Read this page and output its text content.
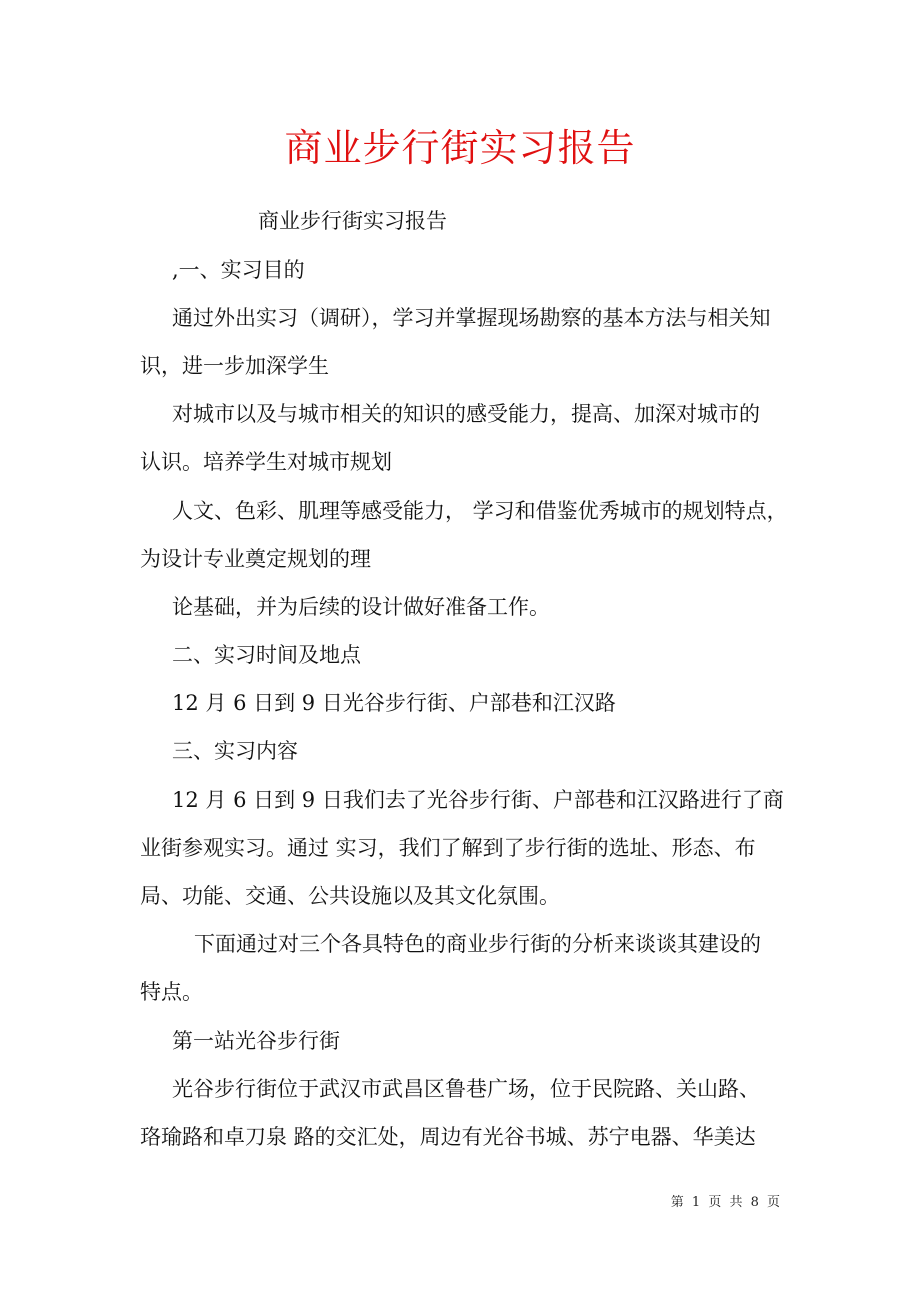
商业步行街实习报告
商业步行街实习报告
,一、实习目的
通过外出实习（调研），学习并掌握现场勘察的基本方法与相关知
识，进一步加深学生
对城市以及与城市相关的知识的感受能力，提高、加深对城市的
认识。培养学生对城市规划
人文、色彩、肌理等感受能力， 学习和借鉴优秀城市的规划特点，
为设计专业奠定规划的理
论基础，并为后续的设计做好准备工作。
二、实习时间及地点
12 月 6 日到 9 日光谷步行街、户部巷和江汉路
三、实习内容
12 月 6 日到 9 日我们去了光谷步行街、户部巷和江汉路进行了商
业街参观实习。通过 实习，我们了解到了步行街的选址、形态、布
局、功能、交通、公共设施以及其文化氛围。
下面通过对三个各具特色的商业步行街的分析来谈谈其建设的
特点。
第一站光谷步行街
光谷步行街位于武汉市武昌区鲁巷广场，位于民院路、关山路、
珞瑜路和卓刀泉 路的交汇处，周边有光谷书城、苏宁电器、华美达
第 1 页 共 8 页
